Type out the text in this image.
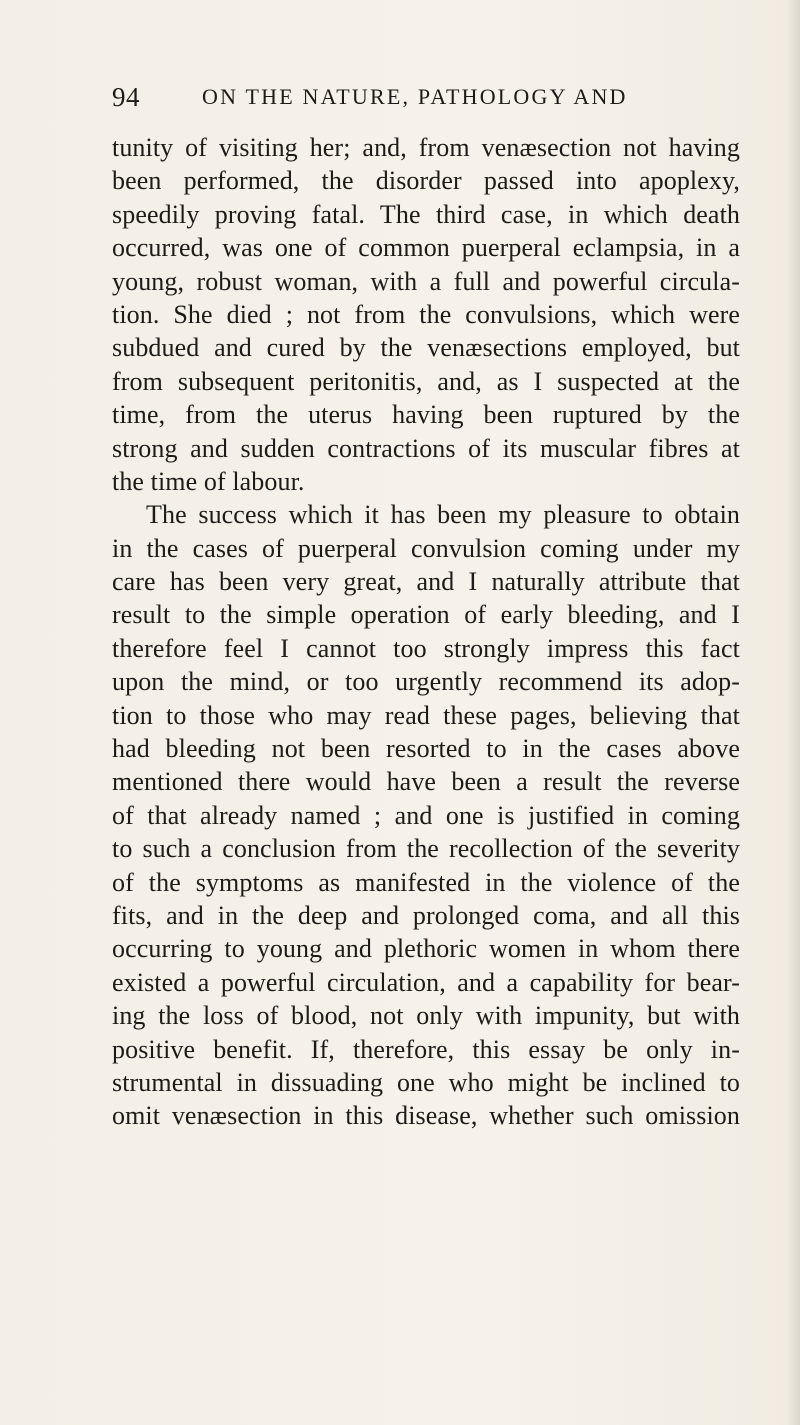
94	ON THE NATURE, PATHOLOGY AND
tunity of visiting her; and, from venæsection not having
been performed, the disorder passed into apoplexy,
speedily proving fatal. The third case, in which death
occurred, was one of common puerperal eclampsia, in a
young, robust woman, with a full and powerful circula-
tion. She died ; not from the convulsions, which were
subdued and cured by the venæsections employed, but
from subsequent peritonitis, and, as I suspected at the
time, from the uterus having been ruptured by the
strong and sudden contractions of its muscular fibres at
the time of labour.
The success which it has been my pleasure to obtain
in the cases of puerperal convulsion coming under my
care has been very great, and I naturally attribute that
result to the simple operation of early bleeding, and I
therefore feel I cannot too strongly impress this fact
upon the mind, or too urgently recommend its adop-
tion to those who may read these pages, believing that
had bleeding not been resorted to in the cases above
mentioned there would have been a result the reverse
of that already named ; and one is justified in coming
to such a conclusion from the recollection of the severity
of the symptoms as manifested in the violence of the
fits, and in the deep and prolonged coma, and all this
occurring to young and plethoric women in whom there
existed a powerful circulation, and a capability for bear-
ing the loss of blood, not only with impunity, but with
positive benefit. If, therefore, this essay be only in-
strumental in dissuading one who might be inclined to
omit venæsection in this disease, whether such omission
